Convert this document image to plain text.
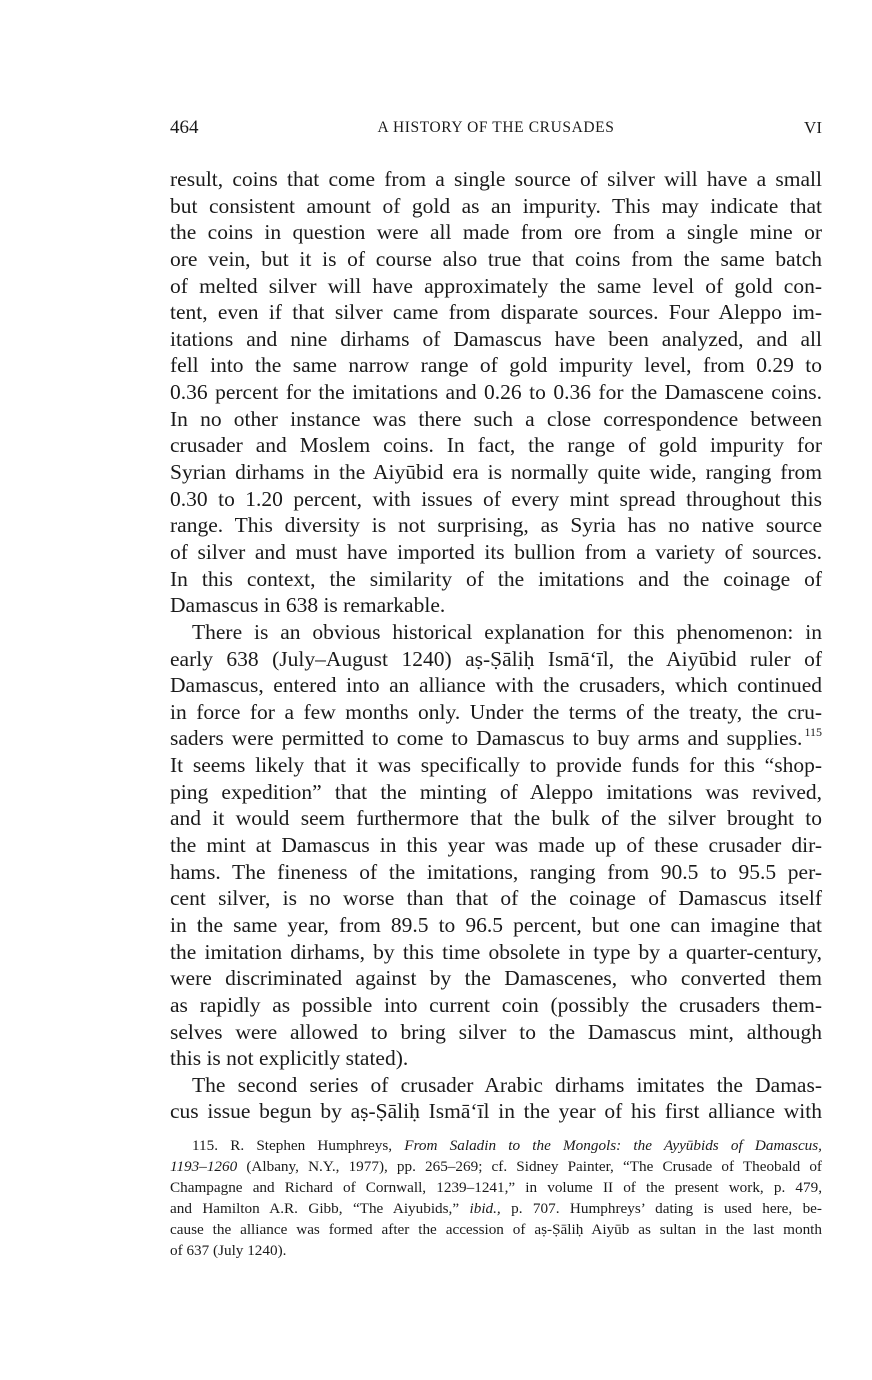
464	A HISTORY OF THE CRUSADES	VI
result, coins that come from a single source of silver will have a small
but consistent amount of gold as an impurity. This may indicate that
the coins in question were all made from ore from a single mine or
ore vein, but it is of course also true that coins from the same batch
of melted silver will have approximately the same level of gold con-
tent, even if that silver came from disparate sources. Four Aleppo im-
itations and nine dirhams of Damascus have been analyzed, and all
fell into the same narrow range of gold impurity level, from 0.29 to
0.36 percent for the imitations and 0.26 to 0.36 for the Damascene coins.
In no other instance was there such a close correspondence between
crusader and Moslem coins. In fact, the range of gold impurity for
Syrian dirhams in the Aiyūbid era is normally quite wide, ranging from
0.30 to 1.20 percent, with issues of every mint spread throughout this
range. This diversity is not surprising, as Syria has no native source
of silver and must have imported its bullion from a variety of sources.
In this context, the similarity of the imitations and the coinage of
Damascus in 638 is remarkable.
There is an obvious historical explanation for this phenomenon: in
early 638 (July–August 1240) aṣ-Ṣāliḥ Ismā‘īl, the Aiyūbid ruler of
Damascus, entered into an alliance with the crusaders, which continued
in force for a few months only. Under the terms of the treaty, the cru-
saders were permitted to come to Damascus to buy arms and supplies. $^{115}$
It seems likely that it was specifically to provide funds for this “shop-
ping expedition” that the minting of Aleppo imitations was revived,
and it would seem furthermore that the bulk of the silver brought to
the mint at Damascus in this year was made up of these crusader dir-
hams. The fineness of the imitations, ranging from 90.5 to 95.5 per-
cent silver, is no worse than that of the coinage of Damascus itself
in the same year, from 89.5 to 96.5 percent, but one can imagine that
the imitation dirhams, by this time obsolete in type by a quarter-century,
were discriminated against by the Damascenes, who converted them
as rapidly as possible into current coin (possibly the crusaders them-
selves were allowed to bring silver to the Damascus mint, although
this is not explicitly stated).
The second series of crusader Arabic dirhams imitates the Damas-
cus issue begun by aṣ-Ṣāliḥ Ismā‘īl in the year of his first alliance with
115. R. Stephen Humphreys, From Saladin to the Mongols: the Ayyūbids of Damascus,
1193–1260 (Albany, N.Y., 1977), pp. 265–269; cf. Sidney Painter, “The Crusade of Theobald of
Champagne and Richard of Cornwall, 1239–1241,” in volume II of the present work, p. 479,
and Hamilton A.R. Gibb, “The Aiyubids,” ibid., p. 707. Humphreys’ dating is used here, be-
cause the alliance was formed after the accession of aṣ-Ṣāliḥ Aiyūb as sultan in the last month
of 637 (July 1240).
